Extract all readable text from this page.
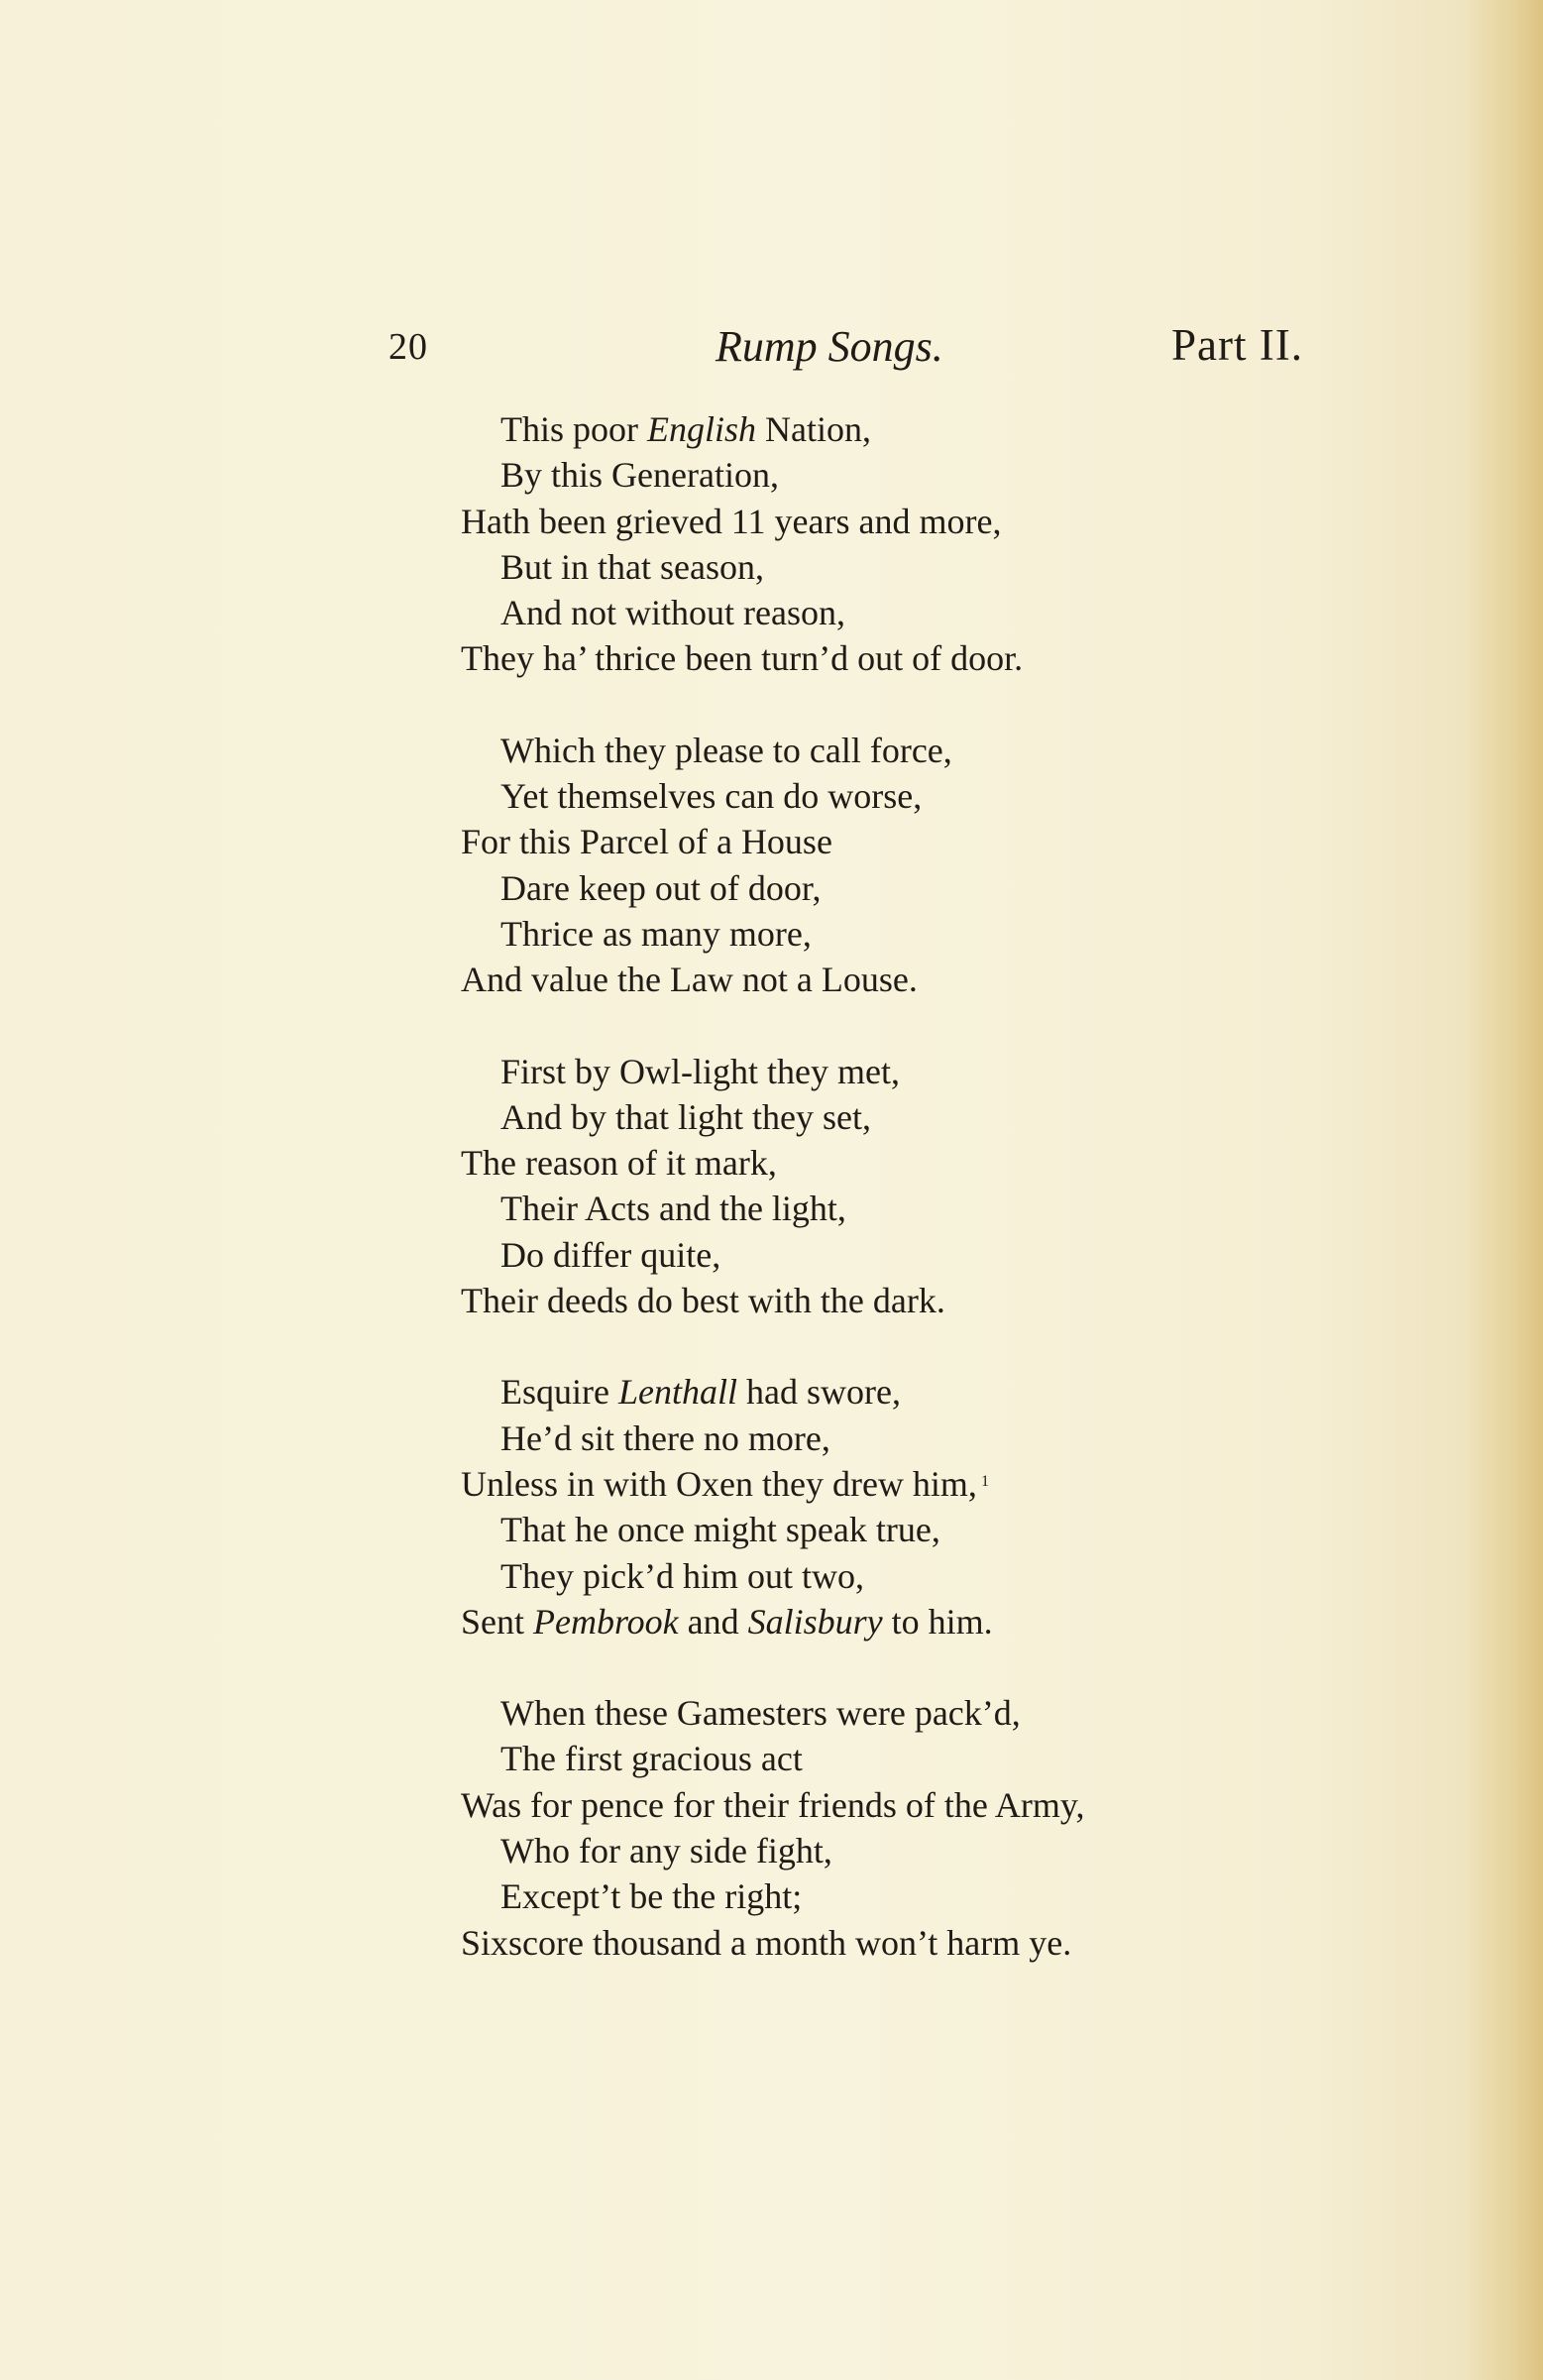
20	Rump Songs.	Part II.
This poor English Nation,
By this Generation,
Hath been grieved 11 years and more,
But in that season,
And not without reason,
They ha’ thrice been turn’d out of door.
Which they please to call force,
Yet themselves can do worse,
For this Parcel of a House
Dare keep out of door,
Thrice as many more,
And value the Law not a Louse.
First by Owl-light they met,
And by that light they set,
The reason of it mark,
Their Acts and the light,
Do differ quite,
Their deeds do best with the dark.
Esquire Lenthall had swore,
He’d sit there no more,
Unless in with Oxen they drew him, $^1$
That he once might speak true,
They pick’d him out two,
Sent Pembrook and Salisbury to him.
When these Gamesters were pack’d,
The first gracious act
Was for pence for their friends of the Army,
Who for any side fight,
Except’t be the right;
Sixscore thousand a month won’t harm ye.
